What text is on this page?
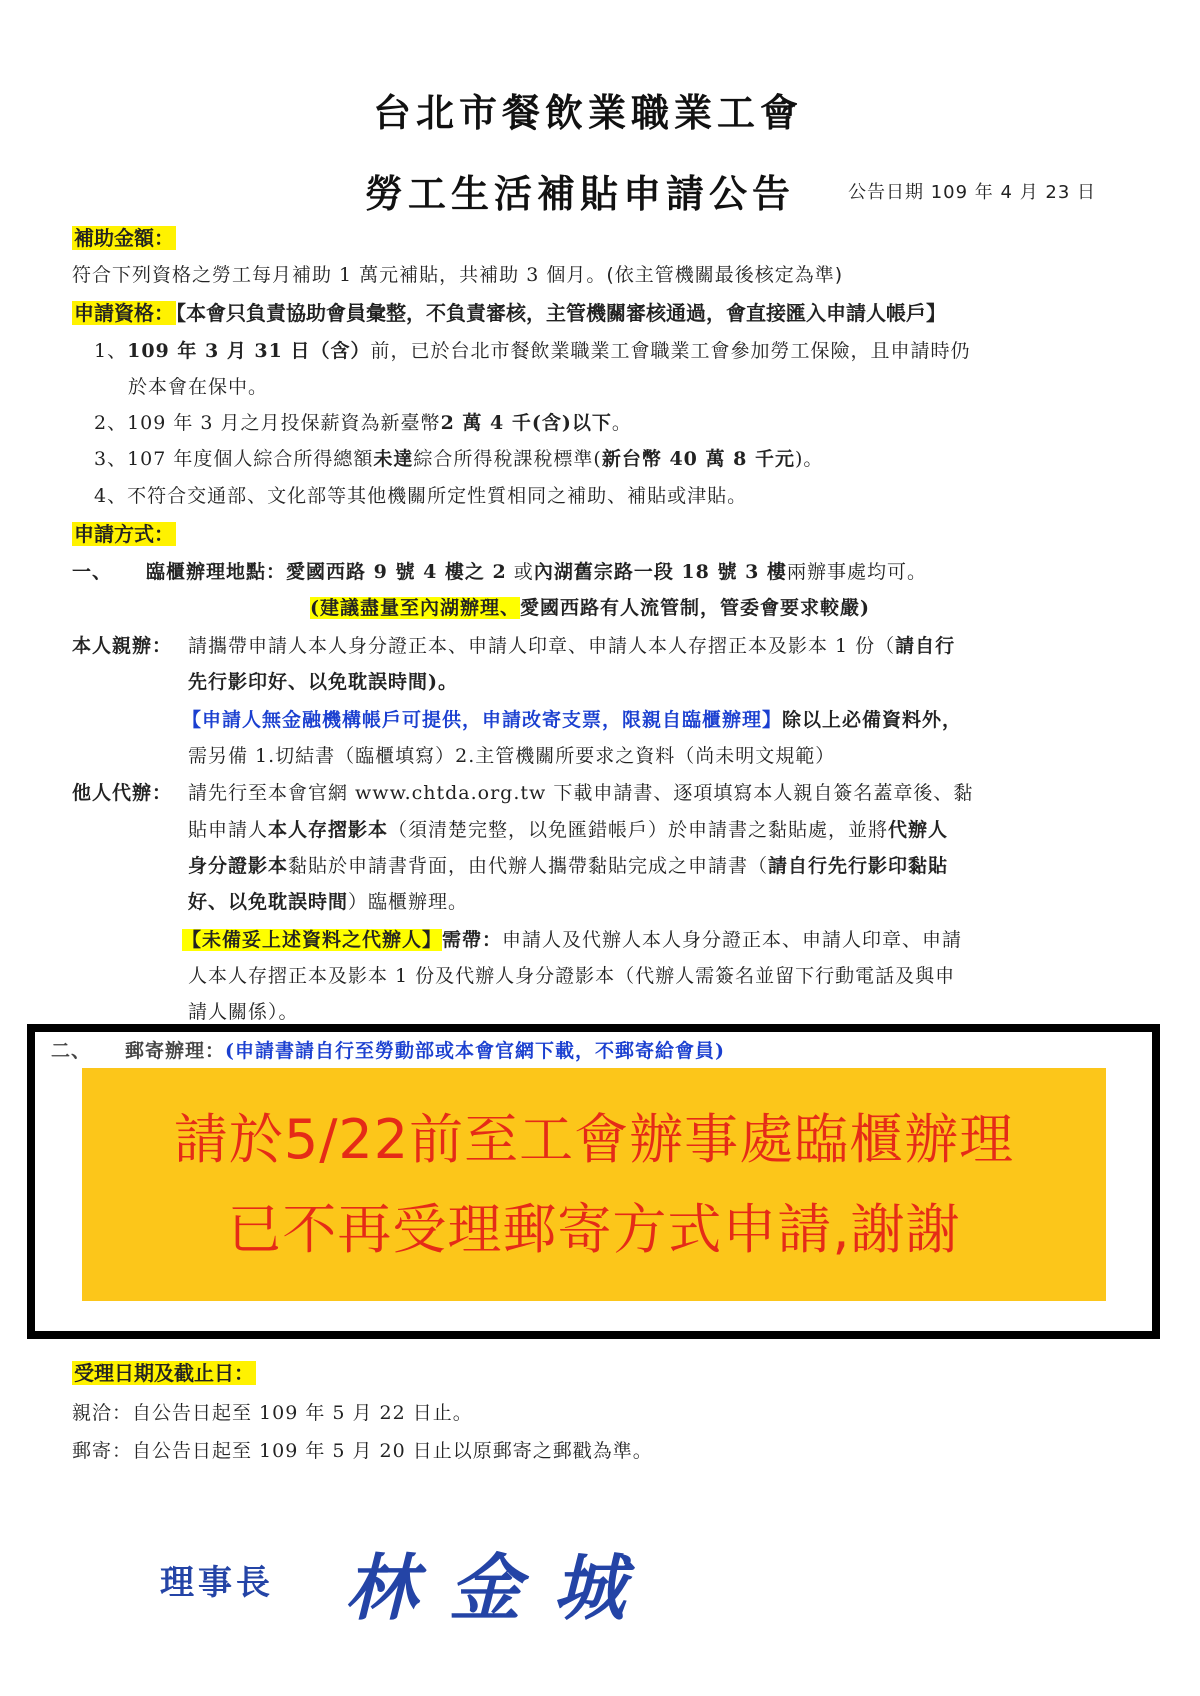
台北市餐飲業職業工會
勞工生活補貼申請公告	公告日期 109 年 4 月 23 日
補助金額：
符合下列資格之勞工每月補助 1 萬元補貼，共補助 3 個月。(依主管機關最後核定為準)
申請資格： 【本會只負責協助會員彙整，不負責審核，主管機關審核通過，會直接匯入申請人帳戶】
1、109 年 3 月 31 日（含）前，已於台北市餐飲業職業工會職業工會參加勞工保險，且申請時仍
於本會在保中。
2、109 年 3 月之月投保薪資為新臺幣2 萬 4 千(含)以下。
3、107 年度個人綜合所得總額未達綜合所得稅課稅標準(新台幣 40 萬 8 千元)。
4、不符合交通部、文化部等其他機關所定性質相同之補助、補貼或津貼。
申請方式：
一、 臨櫃辦理地點：愛國西路 9 號 4 樓之 2 或內湖舊宗路一段 18 號 3 樓兩辦事處均可。
(建議盡量至內湖辦理、愛國西路有人流管制，管委會要求較嚴)
本人親辦： 請攜帶申請人本人身分證正本、申請人印章、申請人本人存摺正本及影本 1 份（請自行
先行影印好、以免耽誤時間)。
【申請人無金融機構帳戶可提供，申請改寄支票，限親自臨櫃辦理】除以上必備資料外，
需另備 1.切結書（臨櫃填寫）2.主管機關所要求之資料（尚未明文規範）
他人代辦： 請先行至本會官網 www.chtda.org.tw 下載申請書、逐項填寫本人親自簽名蓋章後、黏
貼申請人本人存摺影本（須清楚完整，以免匯錯帳戶）於申請書之黏貼處，並將代辦人
身分證影本黏貼於申請書背面，由代辦人攜帶黏貼完成之申請書（請自行先行影印黏貼
好、以免耽誤時間）臨櫃辦理。
【未備妥上述資料之代辦人】需帶：申請人及代辦人本人身分證正本、申請人印章、申請
人本人存摺正本及影本 1 份及代辦人身分證影本（代辦人需簽名並留下行動電話及與申
請人關係）。
二、 郵寄辦理：(申請書請自行至勞動部或本會官網下載，不郵寄給會員)
請於5/22前至工會辦事處臨櫃辦理
已不再受理郵寄方式申請,謝謝
受理日期及截止日：
親洽：自公告日起至 109 年 5 月 22 日止。
郵寄：自公告日起至 109 年 5 月 20 日止以原郵寄之郵戳為準。
理事長 林金城
